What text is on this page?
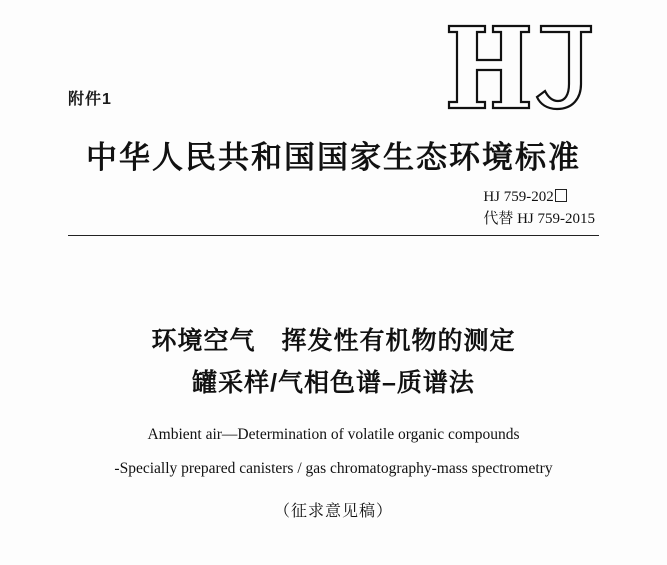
附件1
中华人民共和国国家生态环境标准
HJ 759-202
代替 HJ 759-2015
环境空气　挥发性有机物的测定
罐采样/气相色谱–质谱法
Ambient air—Determination of volatile organic compounds
-Specially prepared canisters / gas chromatography-mass spectrometry
（征求意见稿）
